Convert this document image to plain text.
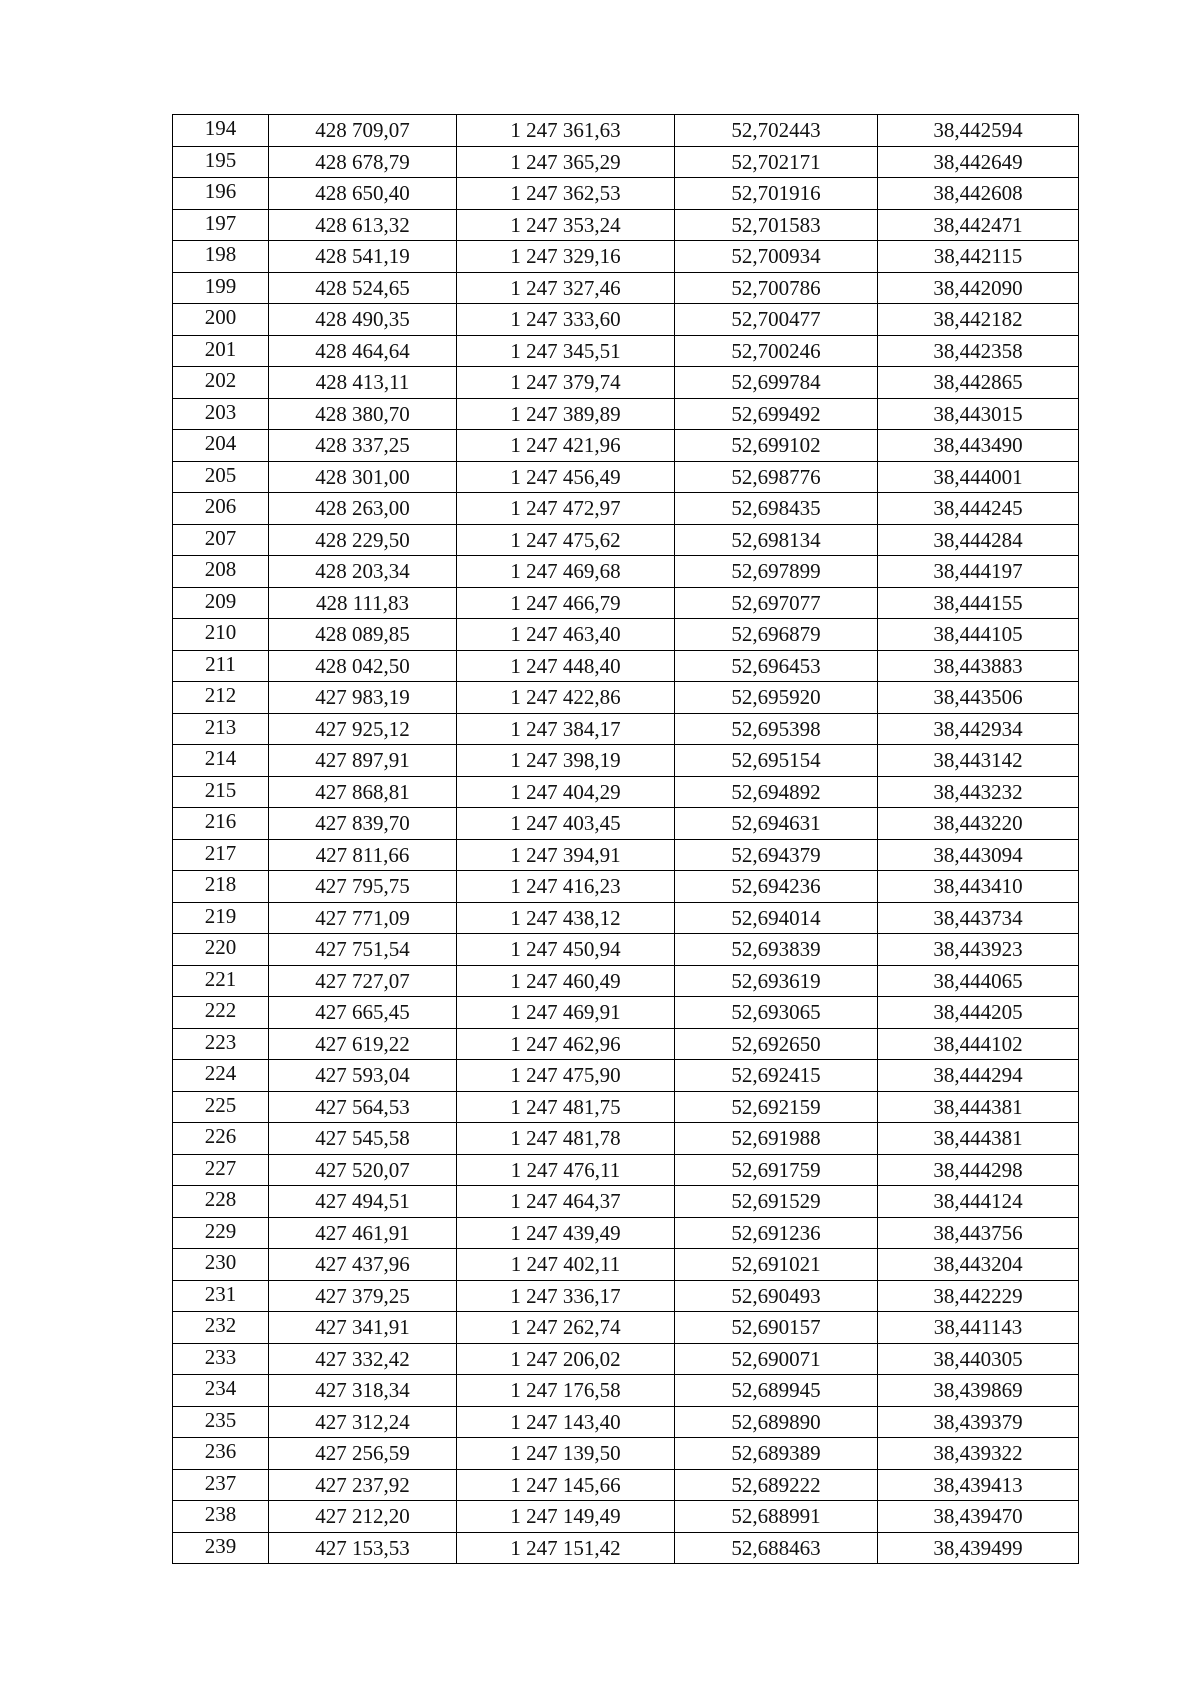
194	428 709,07	1 247 361,63	52,702443	38,442594
195	428 678,79	1 247 365,29	52,702171	38,442649
196	428 650,40	1 247 362,53	52,701916	38,442608
197	428 613,32	1 247 353,24	52,701583	38,442471
198	428 541,19	1 247 329,16	52,700934	38,442115
199	428 524,65	1 247 327,46	52,700786	38,442090
200	428 490,35	1 247 333,60	52,700477	38,442182
201	428 464,64	1 247 345,51	52,700246	38,442358
202	428 413,11	1 247 379,74	52,699784	38,442865
203	428 380,70	1 247 389,89	52,699492	38,443015
204	428 337,25	1 247 421,96	52,699102	38,443490
205	428 301,00	1 247 456,49	52,698776	38,444001
206	428 263,00	1 247 472,97	52,698435	38,444245
207	428 229,50	1 247 475,62	52,698134	38,444284
208	428 203,34	1 247 469,68	52,697899	38,444197
209	428 111,83	1 247 466,79	52,697077	38,444155
210	428 089,85	1 247 463,40	52,696879	38,444105
211	428 042,50	1 247 448,40	52,696453	38,443883
212	427 983,19	1 247 422,86	52,695920	38,443506
213	427 925,12	1 247 384,17	52,695398	38,442934
214	427 897,91	1 247 398,19	52,695154	38,443142
215	427 868,81	1 247 404,29	52,694892	38,443232
216	427 839,70	1 247 403,45	52,694631	38,443220
217	427 811,66	1 247 394,91	52,694379	38,443094
218	427 795,75	1 247 416,23	52,694236	38,443410
219	427 771,09	1 247 438,12	52,694014	38,443734
220	427 751,54	1 247 450,94	52,693839	38,443923
221	427 727,07	1 247 460,49	52,693619	38,444065
222	427 665,45	1 247 469,91	52,693065	38,444205
223	427 619,22	1 247 462,96	52,692650	38,444102
224	427 593,04	1 247 475,90	52,692415	38,444294
225	427 564,53	1 247 481,75	52,692159	38,444381
226	427 545,58	1 247 481,78	52,691988	38,444381
227	427 520,07	1 247 476,11	52,691759	38,444298
228	427 494,51	1 247 464,37	52,691529	38,444124
229	427 461,91	1 247 439,49	52,691236	38,443756
230	427 437,96	1 247 402,11	52,691021	38,443204
231	427 379,25	1 247 336,17	52,690493	38,442229
232	427 341,91	1 247 262,74	52,690157	38,441143
233	427 332,42	1 247 206,02	52,690071	38,440305
234	427 318,34	1 247 176,58	52,689945	38,439869
235	427 312,24	1 247 143,40	52,689890	38,439379
236	427 256,59	1 247 139,50	52,689389	38,439322
237	427 237,92	1 247 145,66	52,689222	38,439413
238	427 212,20	1 247 149,49	52,688991	38,439470
239	427 153,53	1 247 151,42	52,688463	38,439499
